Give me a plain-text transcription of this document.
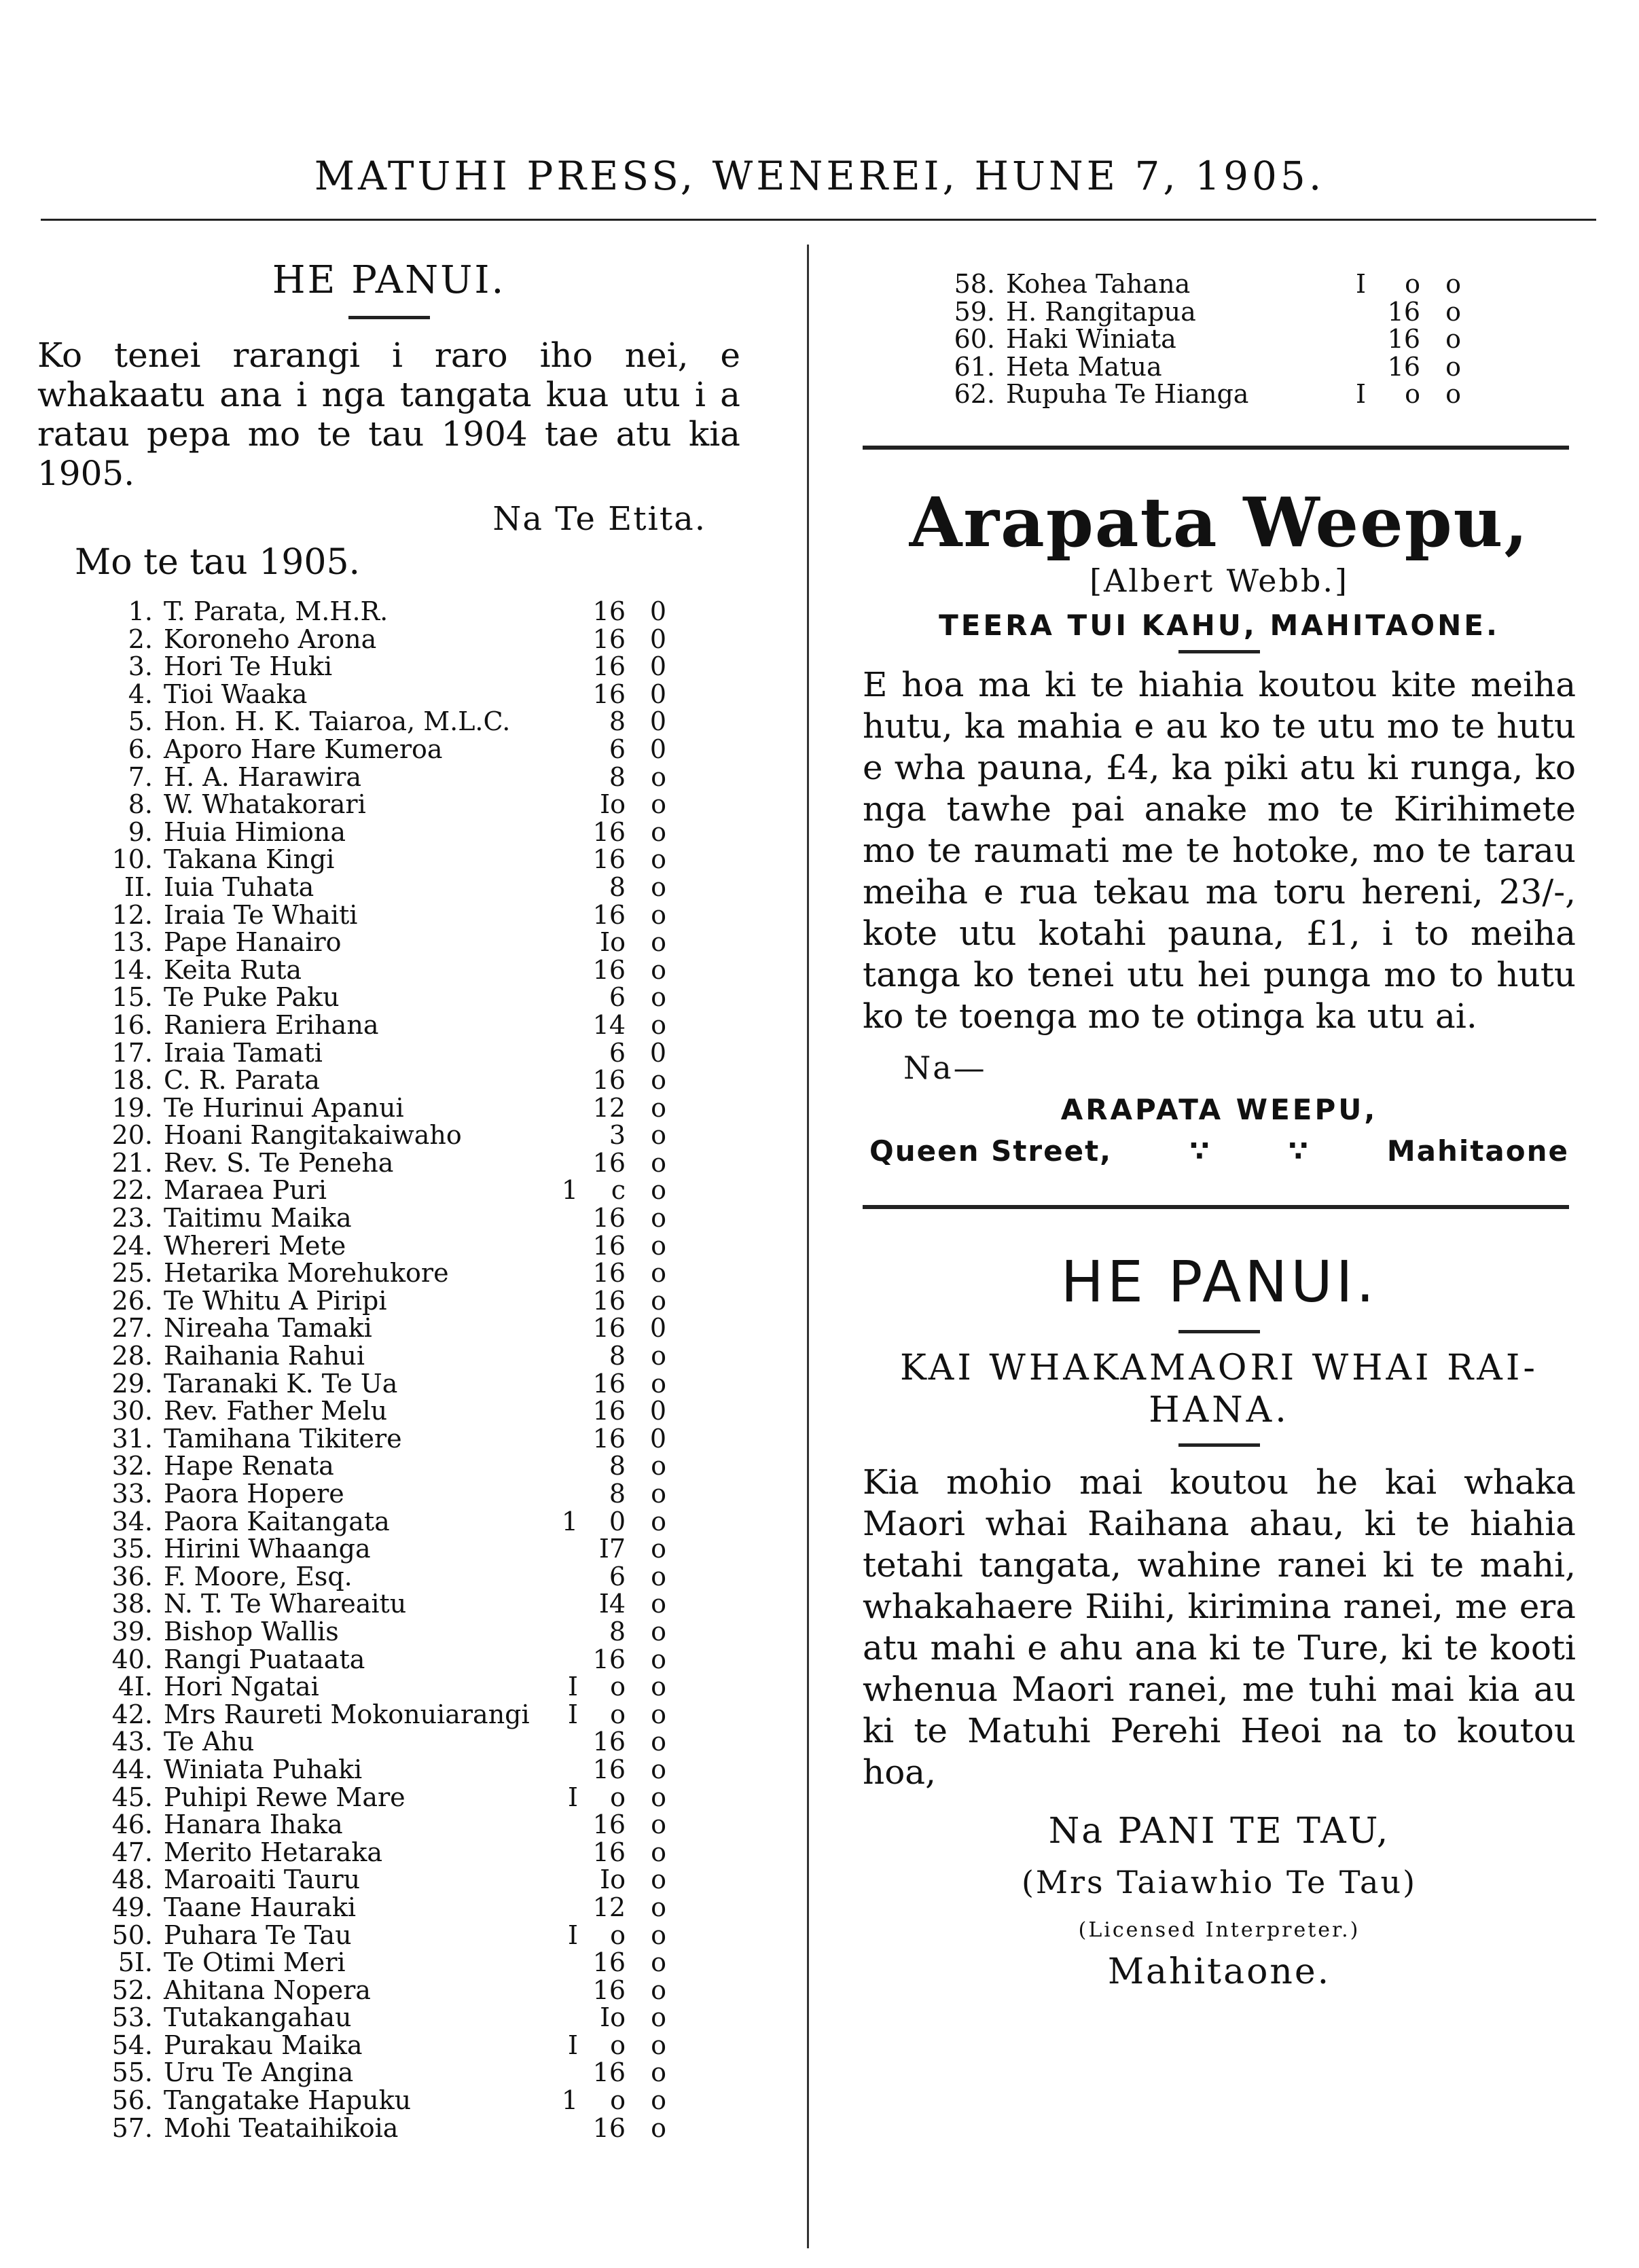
MATUHI PRESS, WENEREI, HUNE 7, 1905.
HE PANUI.

Ko tenei rarangi i raro iho nei, e whakaatu ana i nga tangata kua utu i a ratau pepa mo te tau 1904 tae atu kia 1905.

Na Te Etita.
Mo te tau 1905.
1.	T. Parata, M.H.R.		16	0
2.	Koroneho Arona		16	0
3.	Hori Te Huki		16	0
4.	Tioi Waaka		16	0
5.	Hon. H. K. Taiaroa, M.L.C.		8	0
6.	Aporo Hare Kumeroa		6	0
7.	H. A. Harawira		8	o
8.	W. Whatakorari		Io	o
9.	Huia Himiona		16	o
10.	Takana Kingi		16	o
II.	Iuia Tuhata		8	o
12.	Iraia Te Whaiti		16	o
13.	Pape Hanairo		Io	o
14.	Keita Ruta		16	o
15.	Te Puke Paku		6	o
16.	Raniera Erihana		14	o
17.	Iraia Tamati		6	0
18.	C. R. Parata		16	o
19.	Te Hurinui Apanui		12	o
20.	Hoani Rangitakaiwaho		3	o
21.	Rev. S. Te Peneha		16	o
22.	Maraea Puri	1	c	o
23.	Taitimu Maika		16	o
24.	Whereri Mete		16	o
25.	Hetarika Morehukore		16	o
26.	Te Whitu A Piripi		16	o
27.	Nireaha Tamaki		16	0
28.	Raihania Rahui		8	o
29.	Taranaki K. Te Ua		16	o
30.	Rev. Father Melu		16	0
31.	Tamihana Tikitere		16	0
32.	Hape Renata		8	o
33.	Paora Hopere		8	o
34.	Paora Kaitangata	1	0	o
35.	Hirini Whaanga		I7	o
36.	F. Moore, Esq.		6	o
38.	N. T. Te Whareaitu		I4	o
39.	Bishop Wallis		8	o
40.	Rangi Puataata		16	o
4I.	Hori Ngatai	I	o	o
42.	Mrs Raureti Mokonuiarangi	I	o	o
43.	Te Ahu		16	o
44.	Winiata Puhaki		16	o
45.	Puhipi Rewe Mare	I	o	o
46.	Hanara Ihaka		16	o
47.	Merito Hetaraka		16	o
48.	Maroaiti Tauru		Io	o
49.	Taane Hauraki		12	o
50.	Puhara Te Tau	I	o	o
5I.	Te Otimi Meri		16	o
52.	Ahitana Nopera		16	o
53.	Tutakangahau		Io	o
54.	Purakau Maika	I	o	o
55.	Uru Te Angina		16	o
56.	Tangatake Hapuku	1	o	o
57.	Mohi Teataihikoia		16	o
58.	Kohea Tahana	I	o	o
59.	H. Rangitapua		16	o
60.	Haki Winiata		16	o
61.	Heta Matua		16	o
62.	Rupuha Te Hianga	I	o	o
Arapata Weepu,
[Albert Webb.]
TEERA TUI KAHU, MAHITAONE.

E hoa ma ki te hiahia koutou kite meiha hutu, ka mahia e au ko te utu mo te hutu e wha pauna, £4, ka piki atu ki runga, ko nga tawhe pai anake mo te Kirihimete mo te raumati me te hotoke, mo te tarau meiha e rua tekau ma toru hereni, 23/-, kote utu kotahi pauna, £1, i to meiha tanga ko tenei utu hei punga mo to hutu ko te toenga mo te otinga ka utu ai.

Na—
ARAPATA WEEPU,
Queen Street,	∵	∵	Mahitaone
HE PANUI.
KAI WHAKAMAORI WHAI RAI- HANA.

Kia mohio mai koutou he kai whaka Maori whai Raihana ahau, ki te hiahia tetahi tangata, wahine ranei ki te mahi, whakahaere Riihi, kirimina ranei, me era atu mahi e ahu ana ki te Ture, ki te kooti whenua Maori ranei, me tuhi mai kia au ki te Matuhi Perehi Heoi na to koutou hoa,

Na PANI TE TAU,
(Mrs Taiawhio Te Tau)
(Licensed Interpreter.)
Mahitaone.
